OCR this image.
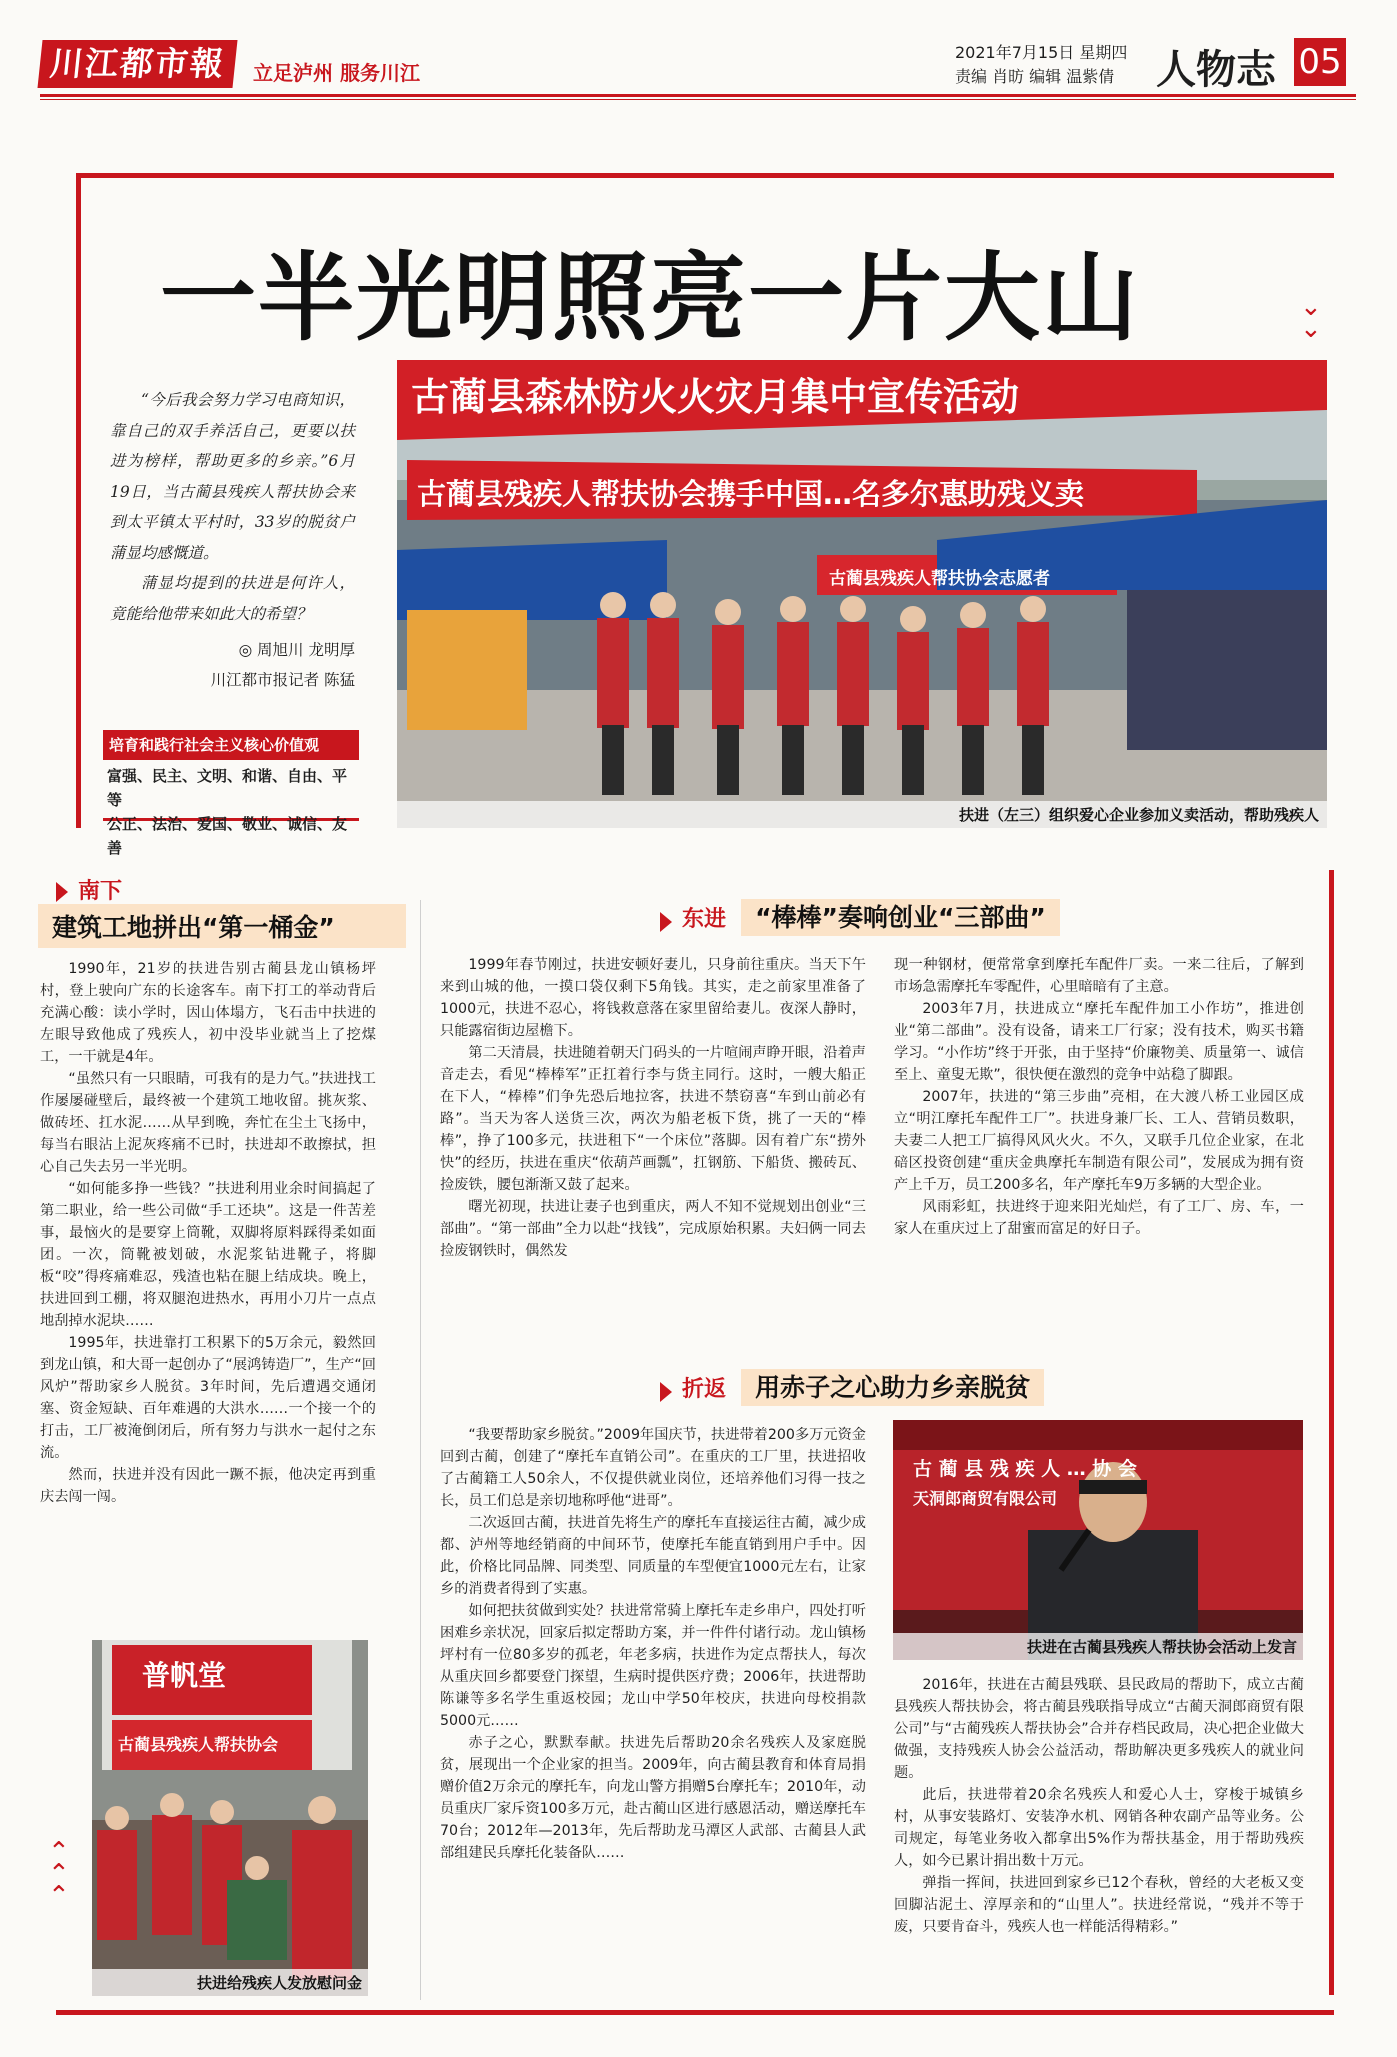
川江都市報	立足泸州 服务川江
2021年7月15日 星期四
责编 肖昉 编辑 温紫倩 人物志 05
一半光明照亮一片大山	⌄
⌄

“今后我会努力学习电商知识，靠自己的双手养活自己，更要以扶进为榜样，帮助更多的乡亲。”6月19日，当古蔺县残疾人帮扶协会来到太平镇太平村时，33岁的脱贫户蒲显均感慨道。

蒲显均提到的扶进是何许人，竟能给他带来如此大的希望？

◎ 周旭川 龙明厚
川江都市报记者 陈猛
培育和践行社会主义核心价值观
富强、民主、文明、和谐、自由、平等
公正、法治、爱国、敬业、诚信、友善
古蔺县森林防火火灾月集中宣传活动
古蔺县残疾人帮扶协会携手中国…名多尔惠助残义卖
古蔺县残疾人帮扶协会志愿者
扶进（左三）组织爱心企业参加义卖活动，帮助残疾人
南下
建筑工地拼出“第一桶金”

1990年，21岁的扶进告别古蔺县龙山镇杨坪村，登上驶向广东的长途客车。南下打工的举动背后充满心酸：读小学时，因山体塌方，飞石击中扶进的左眼导致他成了残疾人，初中没毕业就当上了挖煤工，一干就是4年。

“虽然只有一只眼睛，可我有的是力气。”扶进找工作屡屡碰壁后，最终被一个建筑工地收留。挑灰浆、做砖坯、扛水泥……从早到晚，奔忙在尘土飞扬中，每当右眼沾上泥灰疼痛不已时，扶进却不敢擦拭，担心自己失去另一半光明。

“如何能多挣一些钱？”扶进利用业余时间搞起了第二职业，给一些公司做“手工还块”。这是一件苦差事，最恼火的是要穿上筒靴，双脚将原料踩得柔如面团。一次，筒靴被划破，水泥浆钻进靴子，将脚板“咬”得疼痛难忍，残渣也粘在腿上结成块。晚上，扶进回到工棚，将双腿泡进热水，再用小刀片一点点地刮掉水泥块……

1995年，扶进靠打工积累下的5万余元，毅然回到龙山镇，和大哥一起创办了“展鸿铸造厂”，生产“回风炉”帮助家乡人脱贫。3年时间，先后遭遇交通闭塞、资金短缺、百年难遇的大洪水……一个接一个的打击，工厂被淹倒闭后，所有努力与洪水一起付之东流。

然而，扶进并没有因此一蹶不振，他决定再到重庆去闯一闯。

普帆堂
古蔺县残疾人帮扶协会
扶进给残疾人发放慰问金
⌄
⌄
⌄
东进 “棒棒”奏响创业“三部曲”

1999年春节刚过，扶进安顿好妻儿，只身前往重庆。当天下午来到山城的他，一摸口袋仅剩下5角钱。其实，走之前家里准备了1000元，扶进不忍心，将钱救意落在家里留给妻儿。夜深人静时，只能露宿街边屋檐下。

第二天清晨，扶进随着朝天门码头的一片喧闹声睁开眼，沿着声音走去，看见“棒棒军”正扛着行李与货主同行。这时，一艘大船正在下人，“棒棒”们争先恐后地拉客，扶进不禁窃喜“车到山前必有路”。当天为客人送货三次，两次为船老板下货，挑了一天的“棒棒”，挣了100多元，扶进租下“一个床位”落脚。因有着广东“捞外快”的经历，扶进在重庆“依葫芦画瓢”，扛钢筋、下船货、搬砖瓦、捡废铁，腰包渐渐又鼓了起来。

曙光初现，扶进让妻子也到重庆，两人不知不觉规划出创业“三部曲”。“第一部曲”全力以赴“找钱”，完成原始积累。夫妇俩一同去捡废钢铁时，偶然发

现一种钢材，便常常拿到摩托车配件厂卖。一来二往后，了解到市场急需摩托车零配件，心里暗暗有了主意。

2003年7月，扶进成立“摩托车配件加工小作坊”，推进创业“第二部曲”。没有设备，请来工厂行家；没有技术，购买书籍学习。“小作坊”终于开张，由于坚持“价廉物美、质量第一、诚信至上、童叟无欺”，很快便在激烈的竞争中站稳了脚跟。

2007年，扶进的“第三步曲”亮相，在大渡八桥工业园区成立“明江摩托车配件工厂”。扶进身兼厂长、工人、营销员数职，夫妻二人把工厂搞得风风火火。不久，又联手几位企业家，在北碚区投资创建“重庆金典摩托车制造有限公司”，发展成为拥有资产上千万，员工200多名，年产摩托车9万多辆的大型企业。

风雨彩虹，扶进终于迎来阳光灿烂，有了工厂、房、车，一家人在重庆过上了甜蜜而富足的好日子。

折返 用赤子之心助力乡亲脱贫

“我要帮助家乡脱贫。”2009年国庆节，扶进带着200多万元资金回到古蔺，创建了“摩托车直销公司”。在重庆的工厂里，扶进招收了古蔺籍工人50余人，不仅提供就业岗位，还培养他们习得一技之长，员工们总是亲切地称呼他“进哥”。

二次返回古蔺，扶进首先将生产的摩托车直接运往古蔺，减少成都、泸州等地经销商的中间环节，使摩托车能直销到用户手中。因此，价格比同品牌、同类型、同质量的车型便宜1000元左右，让家乡的消费者得到了实惠。

如何把扶贫做到实处？扶进常常骑上摩托车走乡串户，四处打听困难乡亲状况，回家后拟定帮助方案，并一件件付诸行动。龙山镇杨坪村有一位80多岁的孤老，年老多病，扶进作为定点帮扶人，每次从重庆回乡都要登门探望，生病时提供医疗费；2006年，扶进帮助陈谦等多名学生重返校园；龙山中学50年校庆，扶进向母校捐款5000元……

赤子之心，默默奉献。扶进先后帮助20余名残疾人及家庭脱贫，展现出一个企业家的担当。2009年，向古蔺县教育和体育局捐赠价值2万余元的摩托车，向龙山警方捐赠5台摩托车；2010年，动员重庆厂家斥资100多万元，赴古蔺山区进行感恩活动，赠送摩托车70台；2012年—2013年，先后帮助龙马潭区人武部、古蔺县人武部组建民兵摩托化装备队……

古 蔺 县 残 疾 人 … 协 会
天洞郎商贸有限公司
扶进在古蔺县残疾人帮扶协会活动上发言

2016年，扶进在古蔺县残联、县民政局的帮助下，成立古蔺县残疾人帮扶协会，将古蔺县残联指导成立“古蔺天洞郎商贸有限公司”与“古蔺残疾人帮扶协会”合并存档民政局，决心把企业做大做强，支持残疾人协会公益活动，帮助解决更多残疾人的就业问题。

此后，扶进带着20余名残疾人和爱心人士，穿梭于城镇乡村，从事安装路灯、安装净水机、网销各种农副产品等业务。公司规定，每笔业务收入都拿出5%作为帮扶基金，用于帮助残疾人，如今已累计捐出数十万元。

弹指一挥间，扶进回到家乡已12个春秋，曾经的大老板又变回脚沾泥土、淳厚亲和的“山里人”。扶进经常说，“残并不等于废，只要肯奋斗，残疾人也一样能活得精彩。”
